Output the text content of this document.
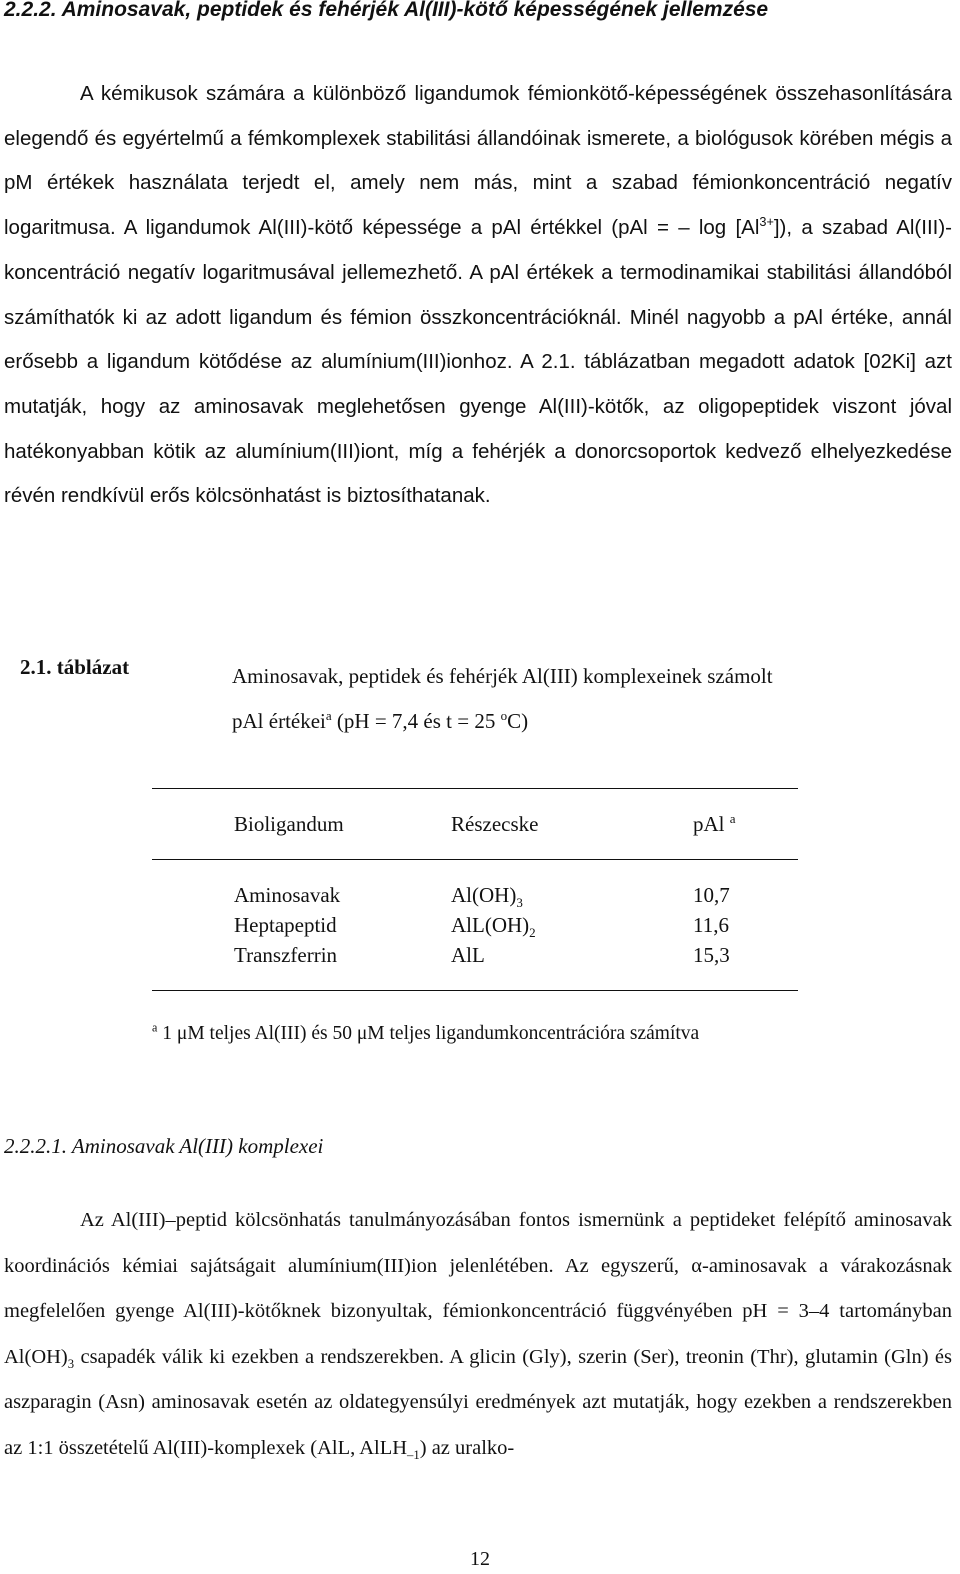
2.2.2. Aminosavak, peptidek és fehérjék Al(III)-kötő képességének jellemzése

A kémikusok számára a különböző ligandumok fémionkötő-képességének összehasonlítására elegendő és egyértelmű a fémkomplexek stabilitási állandóinak ismerete, a biológusok körében mégis a pM értékek használata terjedt el, amely nem más, mint a szabad fémionkoncentráció negatív logaritmusa. A ligandumok Al(III)-kötő képessége a pAl értékkel (pAl = – $\log [Al^{3+}]$), a szabad Al(III)-koncentráció negatív logaritmusával jellemezhető. A pAl értékek a termodinamikai stabilitási állandóból számíthatók ki az adott ligandum és fémion összkoncentrációknál. Minél nagyobb a pAl értéke, annál erősebb a ligandum kötődése az alumínium(III)ionhoz. A 2.1. táblázatban megadott adatok [02Ki] azt mutatják, hogy az aminosavak meglehetősen gyenge Al(III)-kötők, az oligopeptidek viszont jóval hatékonyabban kötik az alumínium(III)iont, míg a fehérjék a donorcsoportok kedvező elhelyezkedése révén rendkívül erős kölcsönhatást is biztosíthatanak.

2.1. táblázat	Aminosavak, peptidek és fehérjék Al(III) komplexeinek számolt
pAl értékei$^a$ (pH = 7,4 és t = 25 $^o$C)
Bioligandum	Részecske	pAl $^a$
Aminosavak	$Al(OH)_3$	10,7
Heptapeptid	$AlL(OH)_2$	11,6
Transzferrin	AlL	15,3
$^a$ 1 μM teljes Al(III) és 50 μM teljes ligandumkoncentrációra számítva
2.2.2.1. Aminosavak Al(III) komplexei

Az Al(III)–peptid kölcsönhatás tanulmányozásában fontos ismernünk a peptideket felépítő aminosavak koordinációs kémiai sajátságait alumínium(III)ion jelenlétében. Az egyszerű, α-aminosavak a várakozásnak megfelelően gyenge Al(III)-kötőknek bizonyultak, fémionkoncentráció függvényében pH = 3–4 tartományban $Al(OH)_3$ csapadék válik ki ezekben a rendszerekben. A glicin (Gly), szerin (Ser), treonin (Thr), glutamin (Gln) és aszparagin (Asn) aminosavak esetén az oldategyensúlyi eredmények azt mutatják, hogy ezekben a rendszerekben az 1:1 összetételű Al(III)-komplexek (AlL, AlLH$_{-1}$) az uralko-

12
